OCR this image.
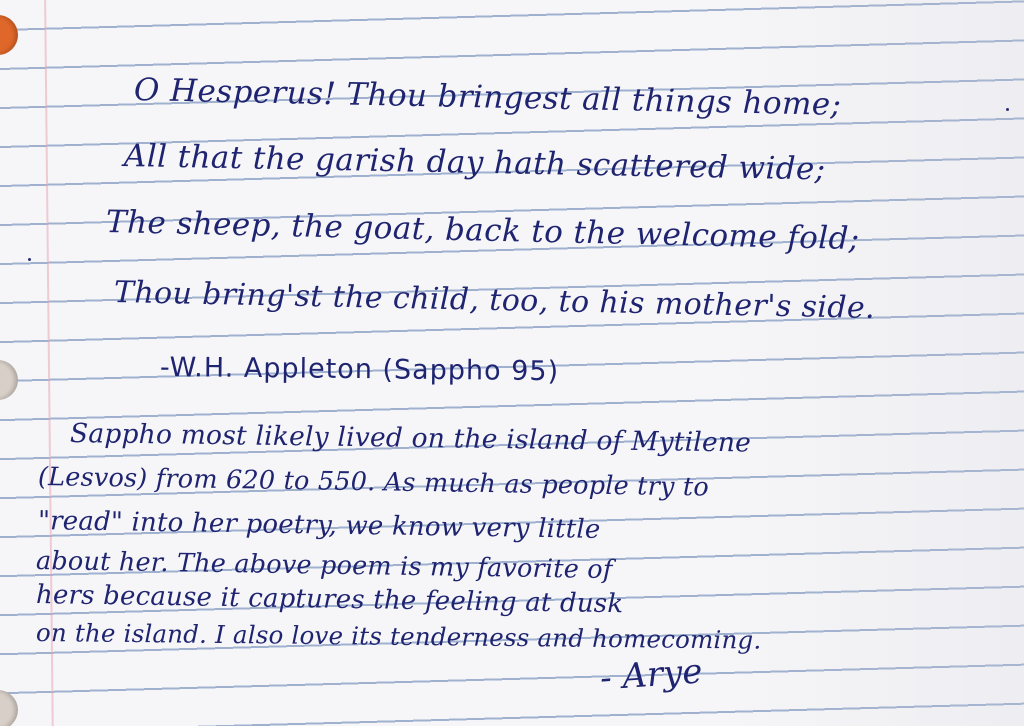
O Hesperus! Thou bringest all things home;

All that the garish day hath scattered wide;

The sheep, the goat, back to the welcome fold;

Thou bring'st the child, too, to his mother's side.

-W.H. Appleton (Sappho 95)

Sappho most likely lived on the island of Mytilene

(Lesvos) from 620 to 550. As much as people try to

"read" into her poetry, we know very little

about her. The above poem is my favorite of

hers because it captures the feeling at dusk

on the island. I also love its tenderness and homecoming.

- Arye
